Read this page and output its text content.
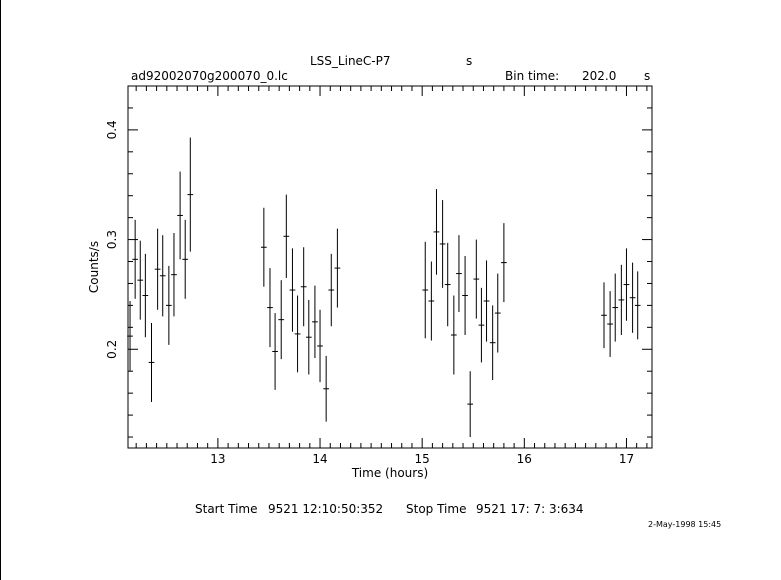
LSS_LineC-P7	s
ad92002070g200070_0.lc	Bin time: 202.0 s
13	14	15	16	17
0.2
0.3
0.4
Time (hours)
Counts/s
Start Time 9521 12:10:50:352 Stop Time 9521 17: 7: 3:634
2-May-1998 15:45
